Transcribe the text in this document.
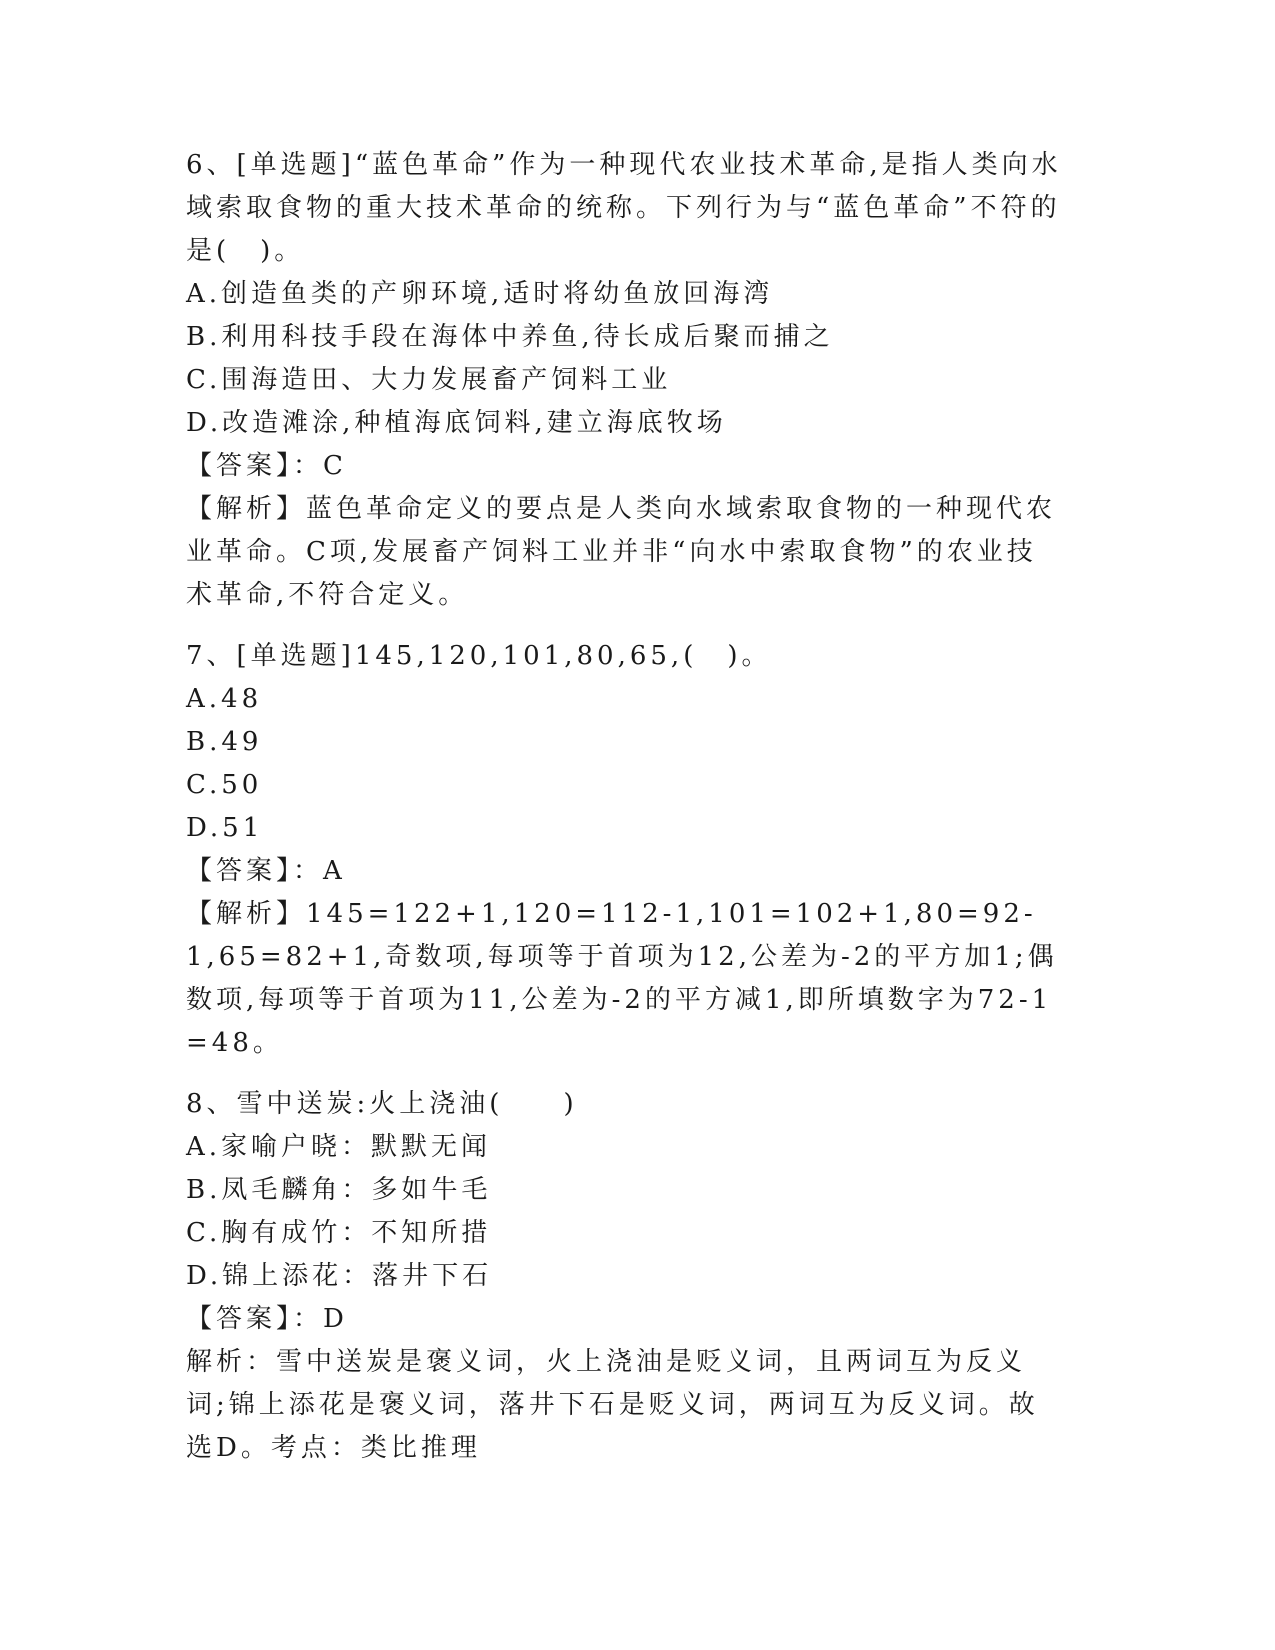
6、[单选题]“蓝色革命”作为一种现代农业技术革命,是指人类向水域索取食物的重大技术革命的统称。下列行为与“蓝色革命”不符的是(　)。

A.创造鱼类的产卵环境,适时将幼鱼放回海湾

B.利用科技手段在海体中养鱼,待长成后聚而捕之

C.围海造田、大力发展畜产饲料工业

D.改造滩涂,种植海底饲料,建立海底牧场

【答案】：C

【解析】蓝色革命定义的要点是人类向水域索取食物的一种现代农业革命。C项,发展畜产饲料工业并非“向水中索取食物”的农业技术革命,不符合定义。

7、[单选题]145,120,101,80,65,(　)。

A.48

B.49

C.50

D.51

【答案】：A

【解析】145=122+1,120=112-1,101=102+1,80=92-1,65=82+1,奇数项,每项等于首项为12,公差为-2的平方加1;偶数项,每项等于首项为11,公差为-2的平方减1,即所填数字为72-1=48。

8、雪中送炭:火上浇油(　　)

A.家喻户晓：默默无闻

B.凤毛麟角：多如牛毛

C.胸有成竹：不知所措

D.锦上添花：落井下石

【答案】：D

解析：雪中送炭是褒义词，火上浇油是贬义词，且两词互为反义词;锦上添花是褒义词，落井下石是贬义词，两词互为反义词。故选D。考点：类比推理
